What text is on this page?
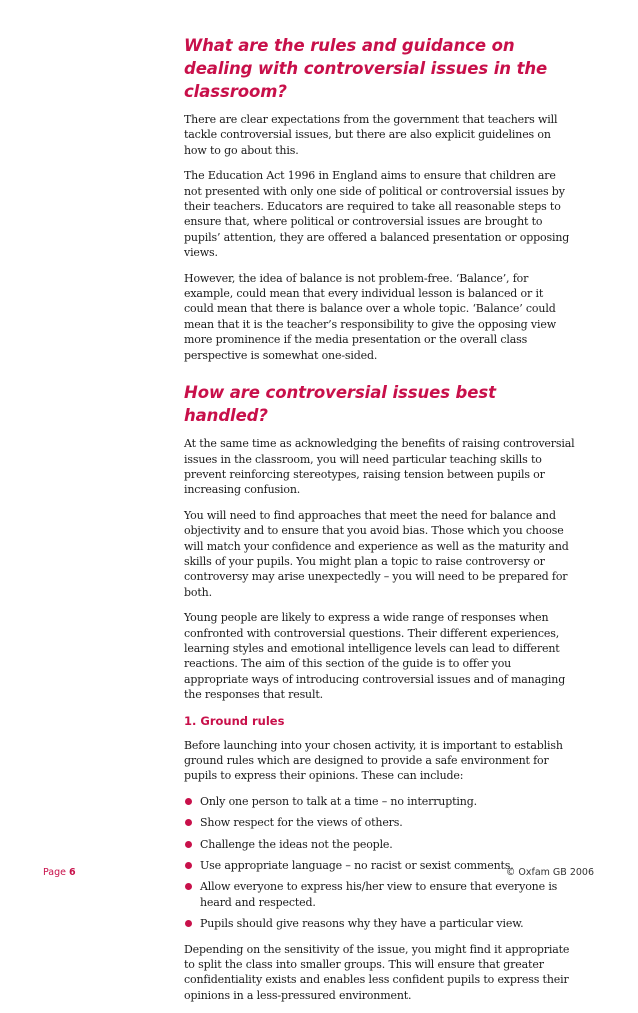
What are the rules and guidance on dealing with controversial issues in the classroom?

There are clear expectations from the government that teachers will tackle controversial issues, but there are also explicit guidelines on how to go about this.

The Education Act 1996 in England aims to ensure that children are not presented with only one side of political or controversial issues by their teachers. Educators are required to take all reasonable steps to ensure that, where political or controversial issues are brought to pupils’ attention, they are offered a balanced presentation or opposing views.

However, the idea of balance is not problem-free. ‘Balance’, for example, could mean that every individual lesson is balanced or it could mean that there is balance over a whole topic. ‘Balance’ could mean that it is the teacher’s responsibility to give the opposing view more prominence if the media presentation or the overall class perspective is somewhat one-sided.

How are controversial issues best handled?

At the same time as acknowledging the benefits of raising controversial issues in the classroom, you will need particular teaching skills to prevent reinforcing stereotypes, raising tension between pupils or increasing confusion.

You will need to find approaches that meet the need for balance and objectivity and to ensure that you avoid bias. Those which you choose will match your confidence and experience as well as the maturity and skills of your pupils. You might plan a topic to raise controversy or controversy may arise unexpectedly – you will need to be prepared for both.

Young people are likely to express a wide range of responses when confronted with controversial questions. Their different experiences, learning styles and emotional intelligence levels can lead to different reactions. The aim of this section of the guide is to offer you appropriate ways of introducing controversial issues and of managing the responses that result.

1. Ground rules

Before launching into your chosen activity, it is important to establish ground rules which are designed to provide a safe environment for pupils to express their opinions. These can include:

Only one person to talk at a time – no interrupting.
Show respect for the views of others.
Challenge the ideas not the people.
Use appropriate language – no racist or sexist comments.
Allow everyone to express his/her view to ensure that everyone is heard and respected.
Pupils should give reasons why they have a particular view.

Depending on the sensitivity of the issue, you might find it appropriate to split the class into smaller groups. This will ensure that greater confidentiality exists and enables less confident pupils to express their opinions in a less-pressured environment.

Page 6	© Oxfam GB 2006
